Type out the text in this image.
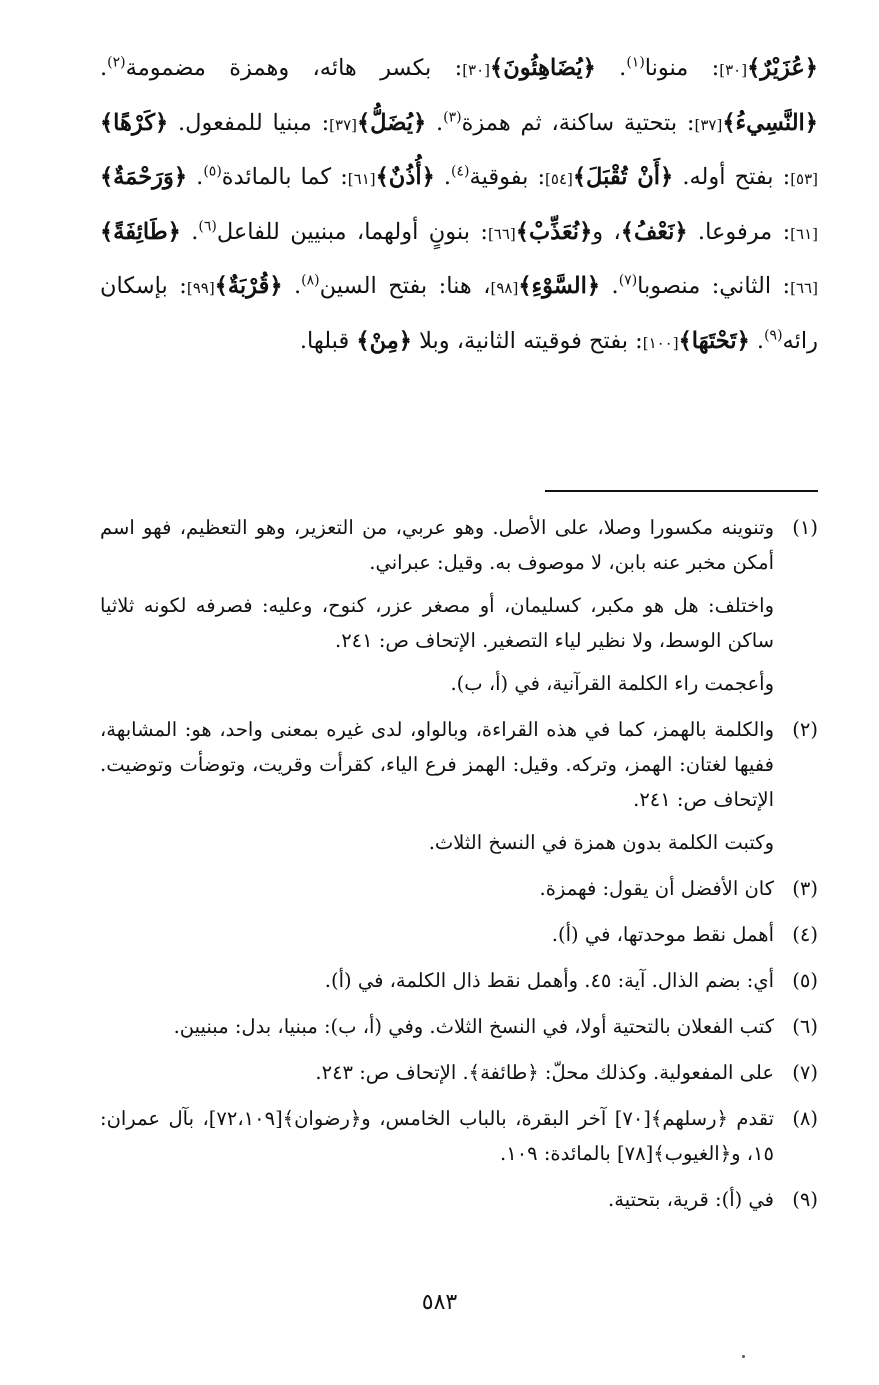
﴿عُزَيْرٌ﴾[٣٠]: منونا$^{(١)}$. ﴿يُضَاهِئُونَ﴾[٣٠]: بكسر هائه، وهمزة مضمومة$^{(٢)}$. ﴿النَّسِيءُ﴾[٣٧]: بتحتية ساكنة، ثم همزة$^{(٣)}$. ﴿يُضَلُّ﴾[٣٧]: مبنيا للمفعول. ﴿كَرْهًا﴾[٥٣]: بفتح أوله. ﴿أَنْ تُقْبَلَ﴾[٥٤]: بفوقية$^{(٤)}$. ﴿أُذُنٌ﴾[٦١]: كما بالمائدة$^{(٥)}$. ﴿وَرَحْمَةٌ﴾[٦١]: مرفوعا. ﴿نَعْفُ﴾، و﴿نُعَذِّبْ﴾[٦٦]: بنونٍ أولهما، مبنيين للفاعل$^{(٦)}$. ﴿طَائِفَةً﴾[٦٦]: الثاني: منصوبا$^{(٧)}$. ﴿السَّوْءِ﴾[٩٨]، هنا: بفتح السين$^{(٨)}$. ﴿قُرْبَةٌ﴾[٩٩]: بإسكان رائه$^{(٩)}$. ﴿تَحْتَهَا﴾[١٠٠]: بفتح فوقيته الثانية، وبلا ﴿مِنْ﴾ قبلها.
(١)وتنوينه مكسورا وصلا، على الأصل. وهو عربي، من التعزير، وهو التعظيم، فهو اسم أمكن مخبر عنه بابن، لا موصوف به. وقيل: عبراني.
واختلف: هل هو مكبر، كسليمان، أو مصغر عزر، كنوح، وعليه: فصرفه لكونه ثلاثيا ساكن الوسط، ولا نظير لياء التصغير. الإتحاف ص: ٢٤١.
وأعجمت راء الكلمة القرآنية، في (أ، ب).
(٢)والكلمة بالهمز، كما في هذه القراءة، وبالواو، لدى غيره بمعنى واحد، هو: المشابهة، ففيها لغتان: الهمز، وتركه. وقيل: الهمز فرع الياء، كقرأت وقريت، وتوضأت وتوضيت. الإتحاف ص: ٢٤١.
وكتبت الكلمة بدون همزة في النسخ الثلاث.
(٣)كان الأفضل أن يقول: فهمزة.
(٤)أهمل نقط موحدتها، في (أ).
(٥)أي: بضم الذال. آية: ٤٥. وأهمل نقط ذال الكلمة، في (أ).
(٦)كتب الفعلان بالتحتية أولا، في النسخ الثلاث. وفي (أ، ب): مبنيا، بدل: مبنيين.
(٧)على المفعولية. وكذلك محلّ: ﴿طائفة﴾. الإتحاف ص: ٢٤٣.
(٨)تقدم ﴿رسلهم﴾[٧٠] آخر البقرة، بالباب الخامس، و﴿رضوان﴾[٧٢،١٠٩]، بآل عمران: ١٥، و﴿الغيوب﴾[٧٨] بالمائدة: ١٠٩.
(٩)في (أ): قرية، بتحتية.
٥٨٣
